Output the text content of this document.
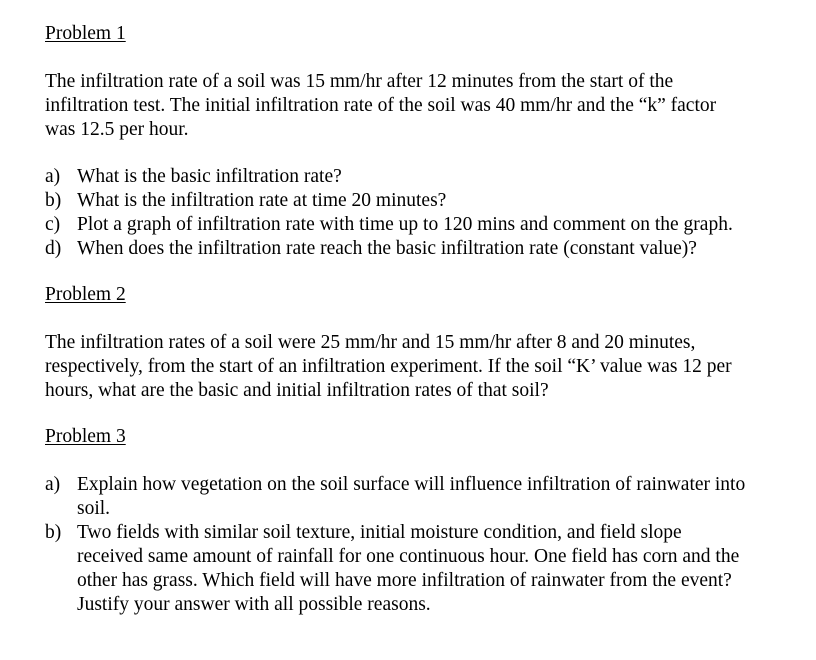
Problem 1
The infiltration rate of a soil was 15 mm/hr after 12 minutes from the start of the
infiltration test. The initial infiltration rate of the soil was 40 mm/hr and the “k” factor
was 12.5 per hour.
a) What is the basic infiltration rate?
b) What is the infiltration rate at time 20 minutes?
c) Plot a graph of infiltration rate with time up to 120 mins and comment on the graph.
d) When does the infiltration rate reach the basic infiltration rate (constant value)?
Problem 2
The infiltration rates of a soil were 25 mm/hr and 15 mm/hr after 8 and 20 minutes,
respectively, from the start of an infiltration experiment. If the soil “K’ value was 12 per
hours, what are the basic and initial infiltration rates of that soil?
Problem 3
a) Explain how vegetation on the soil surface will influence infiltration of rainwater into
soil.
b) Two fields with similar soil texture, initial moisture condition, and field slope
received same amount of rainfall for one continuous hour. One field has corn and the
other has grass. Which field will have more infiltration of rainwater from the event?
Justify your answer with all possible reasons.
